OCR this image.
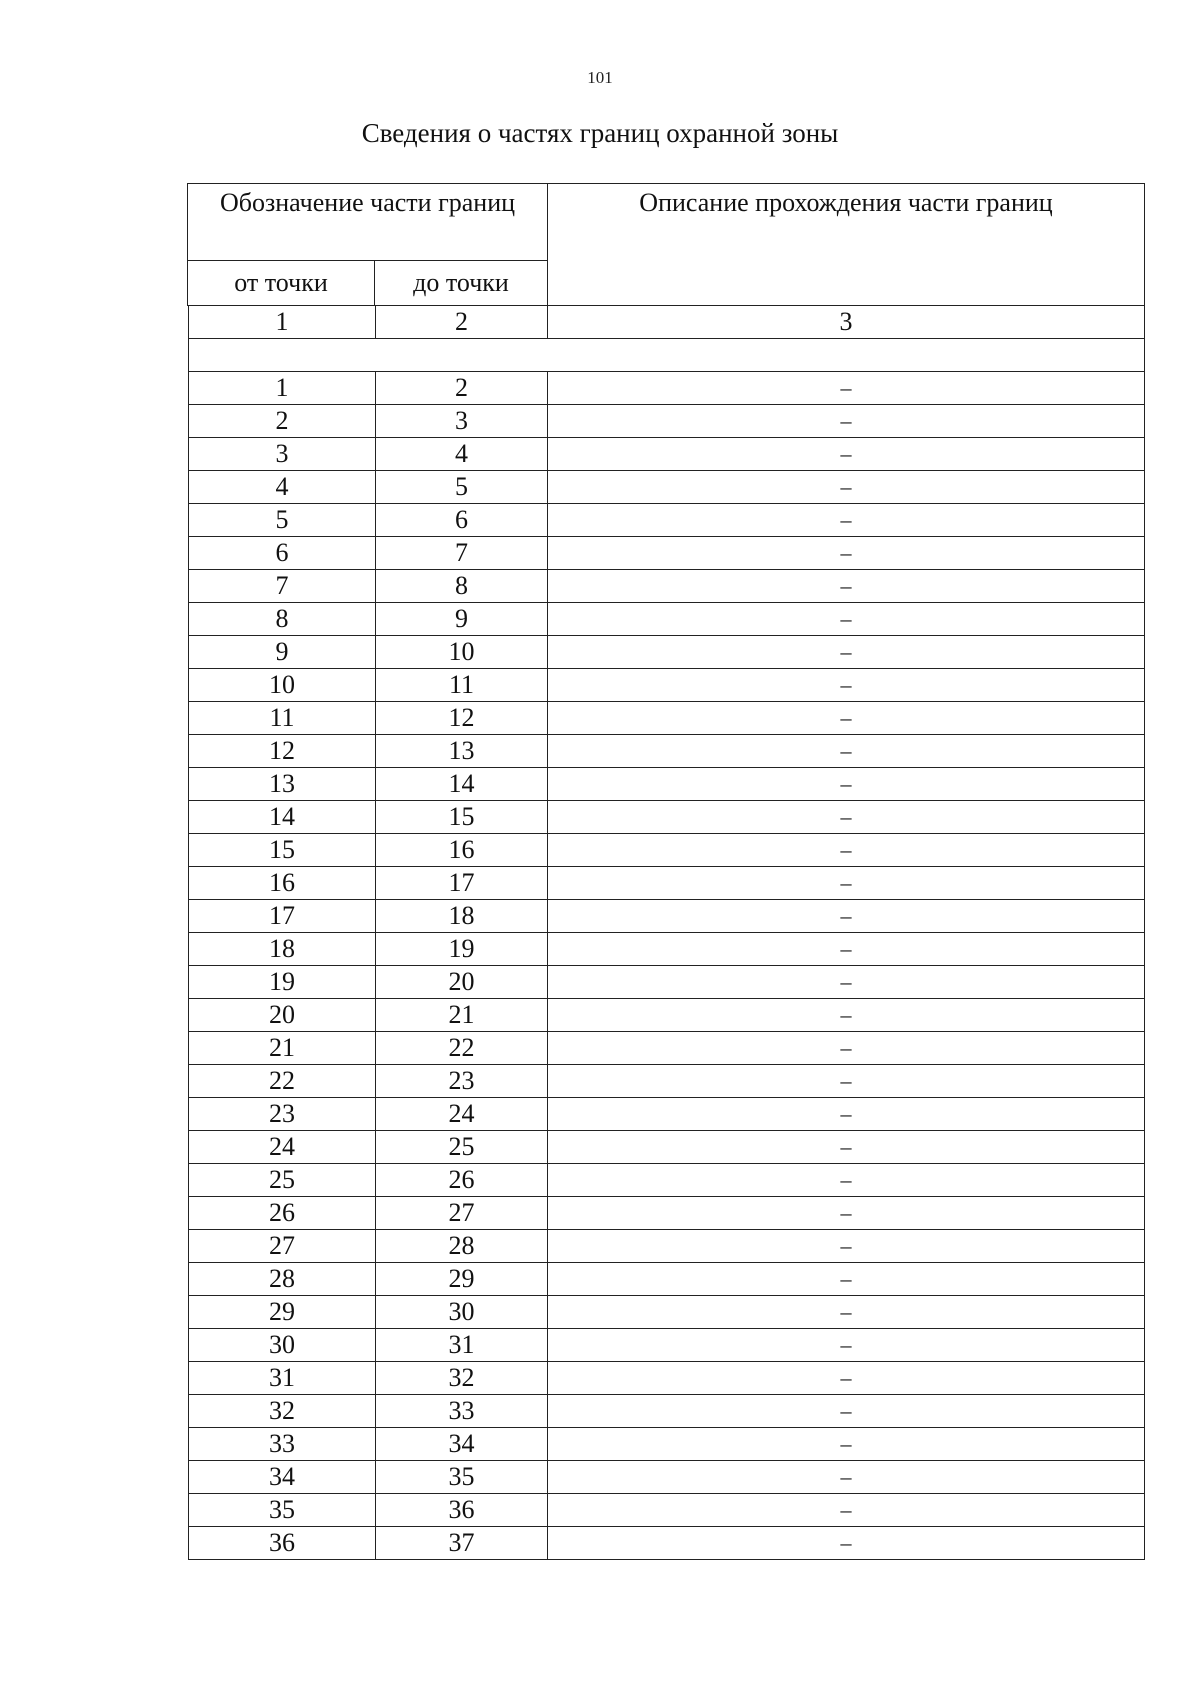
101
Сведения о частях границ охранной зоны
Обозначение части границ		Описание прохождения части границ
от точки	до точки	
1	2	3

1	2	–
2	3	–
3	4	–
4	5	–
5	6	–
6	7	–
7	8	–
8	9	–
9	10	–
10	11	–
11	12	–
12	13	–
13	14	–
14	15	–
15	16	–
16	17	–
17	18	–
18	19	–
19	20	–
20	21	–
21	22	–
22	23	–
23	24	–
24	25	–
25	26	–
26	27	–
27	28	–
28	29	–
29	30	–
30	31	–
31	32	–
32	33	–
33	34	–
34	35	–
35	36	–
36	37	–
